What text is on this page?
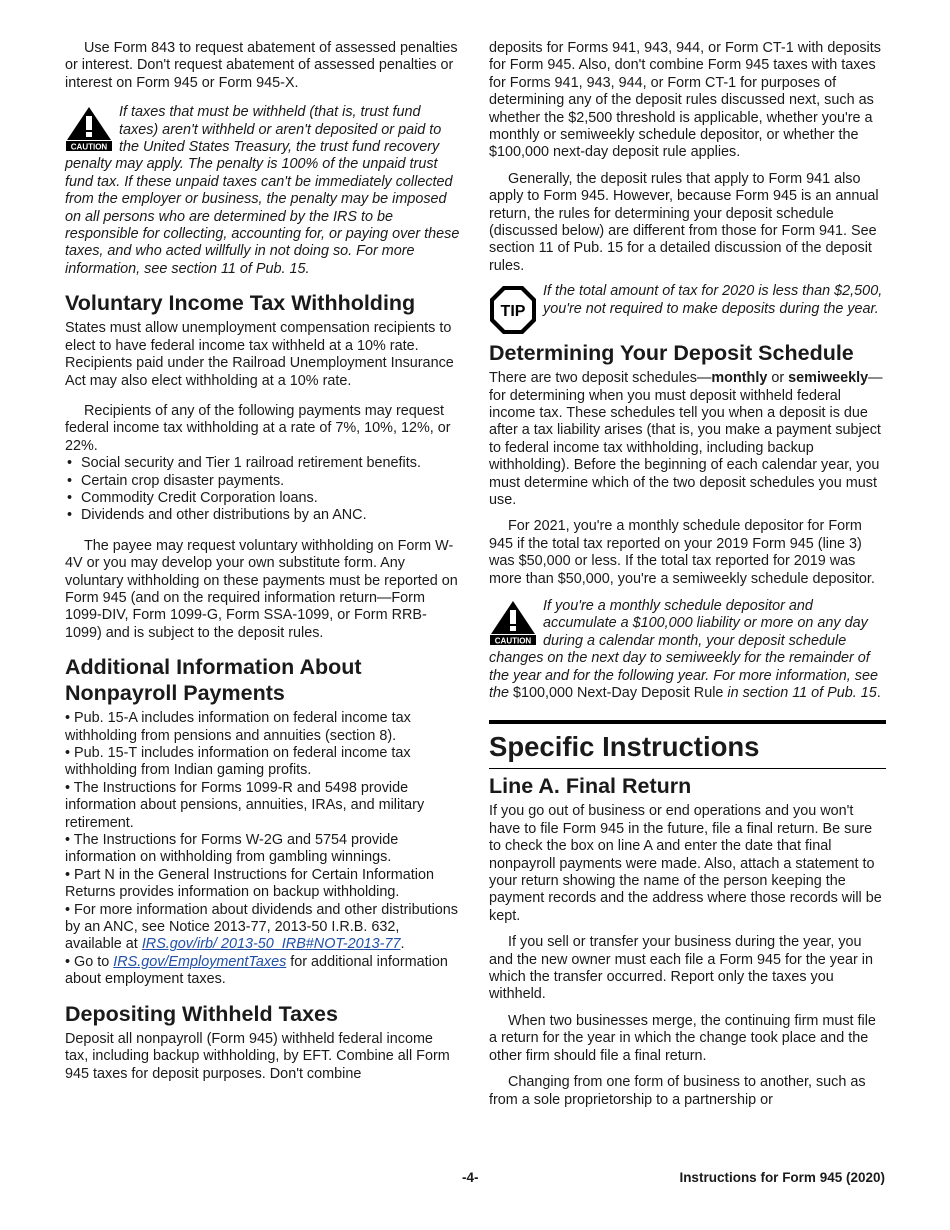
Use Form 843 to request abatement of assessed penalties or interest. Don't request abatement of assessed penalties or interest on Form 945 or Form 945-X.

CAUTION

If taxes that must be withheld (that is, trust fund taxes) aren't withheld or aren't deposited or paid to the United States Treasury, the trust fund recovery penalty may apply. The penalty is 100% of the unpaid trust fund tax. If these unpaid taxes can't be immediately collected from the employer or business, the penalty may be imposed on all persons who are determined by the IRS to be responsible for collecting, accounting for, or paying over these taxes, and who acted willfully in not doing so. For more information, see section 11 of Pub. 15.

Voluntary Income Tax Withholding

States must allow unemployment compensation recipients to elect to have federal income tax withheld at a 10% rate. Recipients paid under the Railroad Unemployment Insurance Act may also elect withholding at a 10% rate.

Recipients of any of the following payments may request federal income tax withholding at a rate of 7%, 10%, 12%, or 22%.

• Social security and Tier 1 railroad retirement benefits.
• Certain crop disaster payments.
• Commodity Credit Corporation loans.
• Dividends and other distributions by an ANC.

The payee may request voluntary withholding on Form W-4V or you may develop your own substitute form. Any voluntary withholding on these payments must be reported on Form 945 (and on the required information return—Form 1099-DIV, Form 1099-G, Form SSA-1099, or Form RRB-1099) and is subject to the deposit rules.

Additional Information About Nonpayroll Payments
• Pub. 15-A includes information on federal income tax withholding from pensions and annuities (section 8).
• Pub. 15-T includes information on federal income tax withholding from Indian gaming profits.
• The Instructions for Forms 1099-R and 5498 provide information about pensions, annuities, IRAs, and military retirement.
• The Instructions for Forms W-2G and 5754 provide information on withholding from gambling winnings.
• Part N in the General Instructions for Certain Information Returns provides information on backup withholding.
• For more information about dividends and other distributions by an ANC, see Notice 2013-77, 2013-50 I.R.B. 632, available at IRS.gov/irb/ 2013-50_IRB#NOT-2013-77.
• Go to IRS.gov/EmploymentTaxes for additional information about employment taxes.
Depositing Withheld Taxes

Deposit all nonpayroll (Form 945) withheld federal income tax, including backup withholding, by EFT. Combine all Form 945 taxes for deposit purposes. Don't combine

deposits for Forms 941, 943, 944, or Form CT-1 with deposits for Form 945. Also, don't combine Form 945 taxes with taxes for Forms 941, 943, 944, or Form CT-1 for purposes of determining any of the deposit rules discussed next, such as whether the $2,500 threshold is applicable, whether you're a monthly or semiweekly schedule depositor, or whether the $100,000 next-day deposit rule applies.

Generally, the deposit rules that apply to Form 941 also apply to Form 945. However, because Form 945 is an annual return, the rules for determining your deposit schedule (discussed below) are different from those for Form 941. See section 11 of Pub. 15 for a detailed discussion of the deposit rules.

TIP

If the total amount of tax for 2020 is less than $2,500, you're not required to make deposits during the year.

Determining Your Deposit Schedule

There are two deposit schedules—monthly or semiweekly—for determining when you must deposit withheld federal income tax. These schedules tell you when a deposit is due after a tax liability arises (that is, you make a payment subject to federal income tax withholding, including backup withholding). Before the beginning of each calendar year, you must determine which of the two deposit schedules you must use.

For 2021, you're a monthly schedule depositor for Form 945 if the total tax reported on your 2019 Form 945 (line 3) was $50,000 or less. If the total tax reported for 2019 was more than $50,000, you're a semiweekly schedule depositor.

CAUTION

If you're a monthly schedule depositor and accumulate a $100,000 liability or more on any day during a calendar month, your deposit schedule changes on the next day to semiweekly for the remainder of the year and for the following year. For more information, see the $100,000 Next-Day Deposit Rule in section 11 of Pub. 15.

Specific Instructions
Line A. Final Return

If you go out of business or end operations and you won't have to file Form 945 in the future, file a final return. Be sure to check the box on line A and enter the date that final nonpayroll payments were made. Also, attach a statement to your return showing the name of the person keeping the payment records and the address where those records will be kept.

If you sell or transfer your business during the year, you and the new owner must each file a Form 945 for the year in which the transfer occurred. Report only the taxes you withheld.

When two businesses merge, the continuing firm must file a return for the year in which the change took place and the other firm should file a final return.

Changing from one form of business to another, such as from a sole proprietorship to a partnership or

-4-	Instructions for Form 945 (2020)
